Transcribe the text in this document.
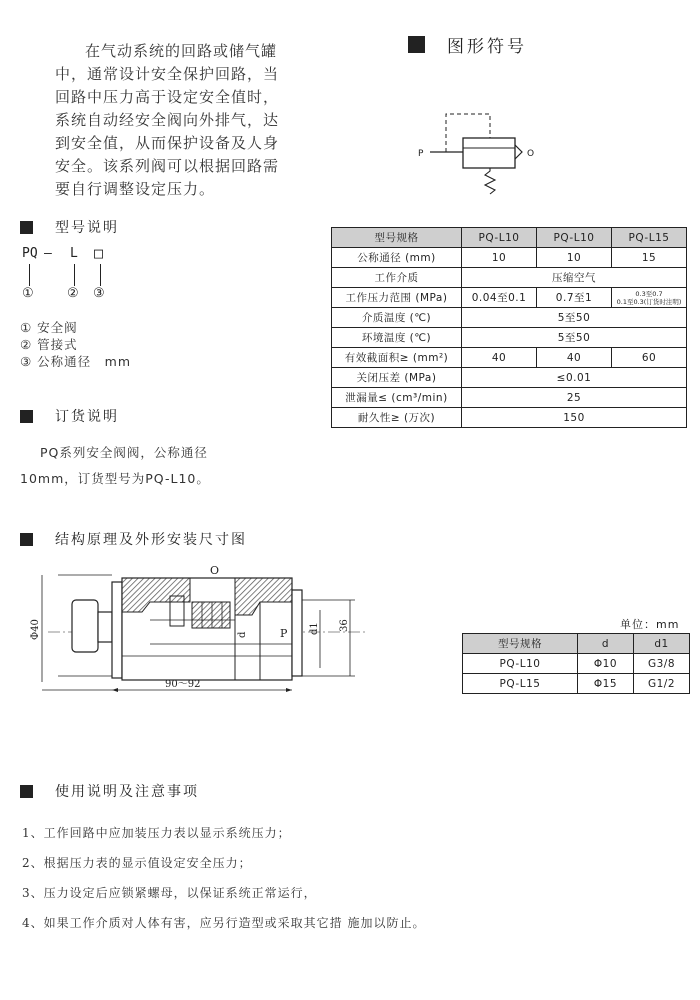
在气动系统的回路或储气罐

中，通常设计安全保护回路，当

回路中压力高于设定安全值时，

系统自动经安全阀向外排气，达

到安全值，从而保护设备及人身

安全。该系列阀可以根据回路需

要自行调整设定压力。

图形符号
P	O
型号说明
PQ — L □
①	② ③
① 安全阀
② 管接式
③ 公称通径　mm
型号规格	PQ-L10	PQ-L10	PQ-L15
公称通径 (mm)	10	10	15
工作介质	压缩空气		
工作压力范围 (MPa)	0.04至0.1	0.7至1	0.3至0.7
0.1至0.3(订货时注明)

介质温度 (℃)	5至50		
环境温度 (℃)	5至50		
有效截面积≥ (mm²)	40	40	60
关闭压差 (MPa)	≤0.01		
泄漏量≤ (cm³/min)	25		
耐久性≥ (万次)	150		
订货说明
PQ系列安全阀阀，公称通径
10mm，订货型号为PQ-L10。
结构原理及外形安装尺寸图
O
P
d	d1
Φ40	36
90～92
单位：mm
型号规格	d	d1
PQ-L10	Φ10	G3/8
PQ-L15	Φ15	G1/2
使用说明及注意事项
1、工作回路中应加装压力表以显示系统压力；
2、根据压力表的显示值设定安全压力；
3、压力设定后应锁紧螺母，以保证系统正常运行，
4、如果工作介质对人体有害，应另行造型或采取其它措 施加以防止。
